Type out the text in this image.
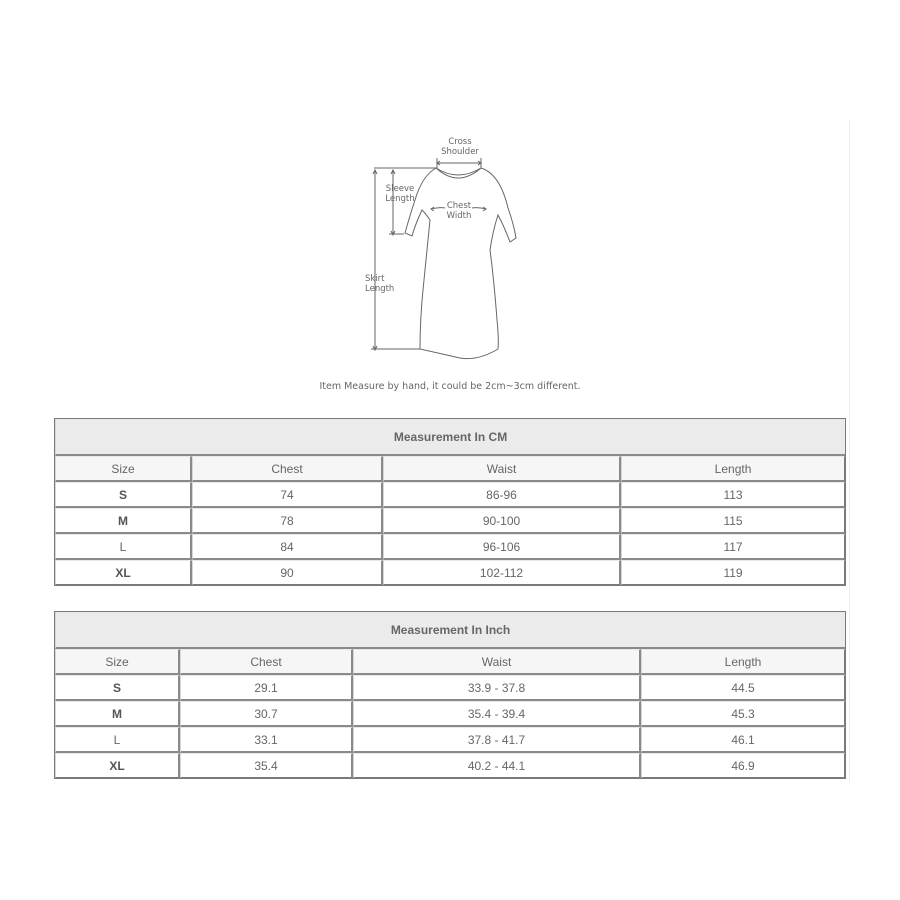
Cross
Shoulder
Sleeve
Length
Chest
Width
Skirt
Length
Item Measure by hand, it could be 2cm~3cm different.
Measurement In CM			
Size	Chest	Waist	Length
S	74	86-96	113
M	78	90-100	115
L	84	96-106	117
XL	90	102-112	119
Measurement In Inch			
Size	Chest	Waist	Length
S	29.1	33.9 - 37.8	44.5
M	30.7	35.4 - 39.4	45.3
L	33.1	37.8 - 41.7	46.1
XL	35.4	40.2 - 44.1	46.9
